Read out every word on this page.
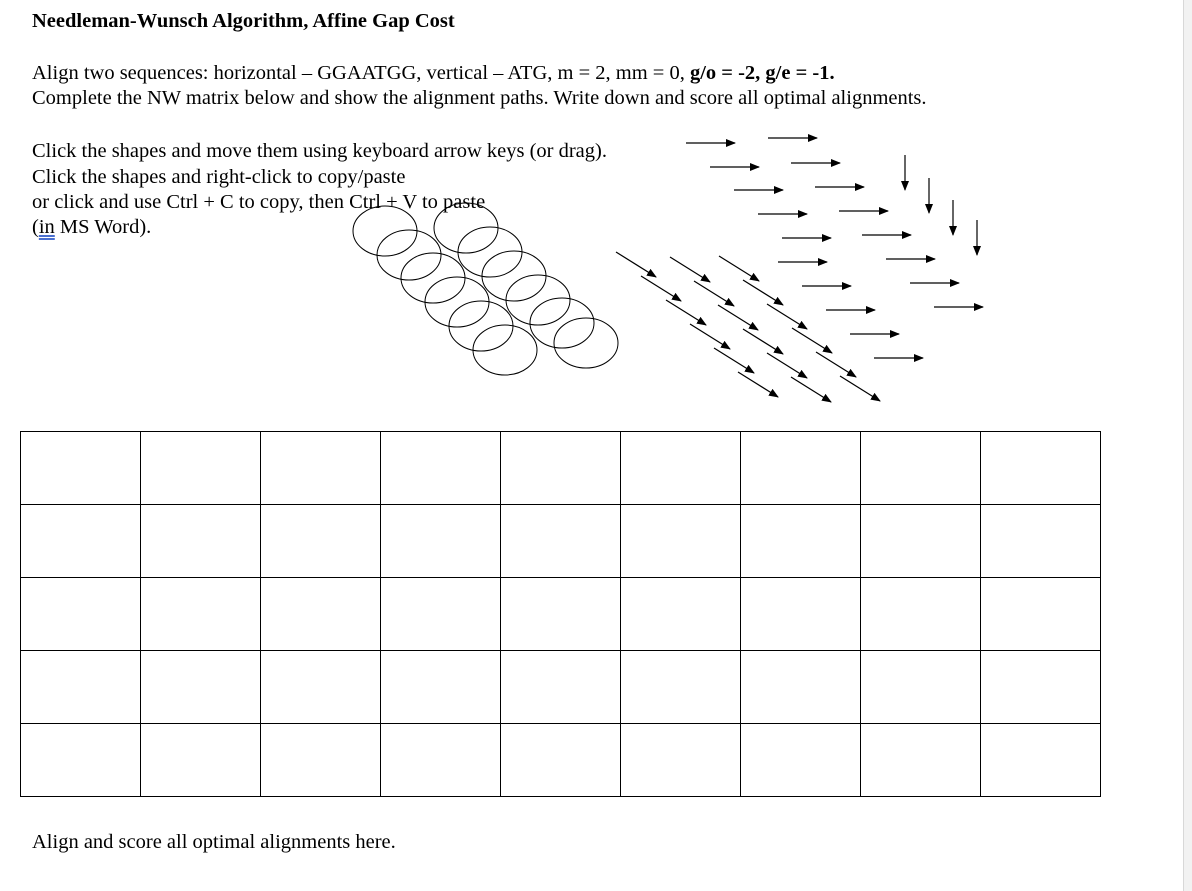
Needleman-Wunsch Algorithm, Affine Gap Cost
Align two sequences: horizontal – GGAATGG, vertical – ATG, m = 2, mm = 0, g/o = -2, g/e = -1.
Complete the NW matrix below and show the alignment paths. Write down and score all optimal alignments.
Click the shapes and move them using keyboard arrow keys (or drag).
Click the shapes and right-click to copy/paste
or click and use Ctrl + C to copy, then Ctrl + V to paste
(in MS Word).

Align and score all optimal alignments here.
